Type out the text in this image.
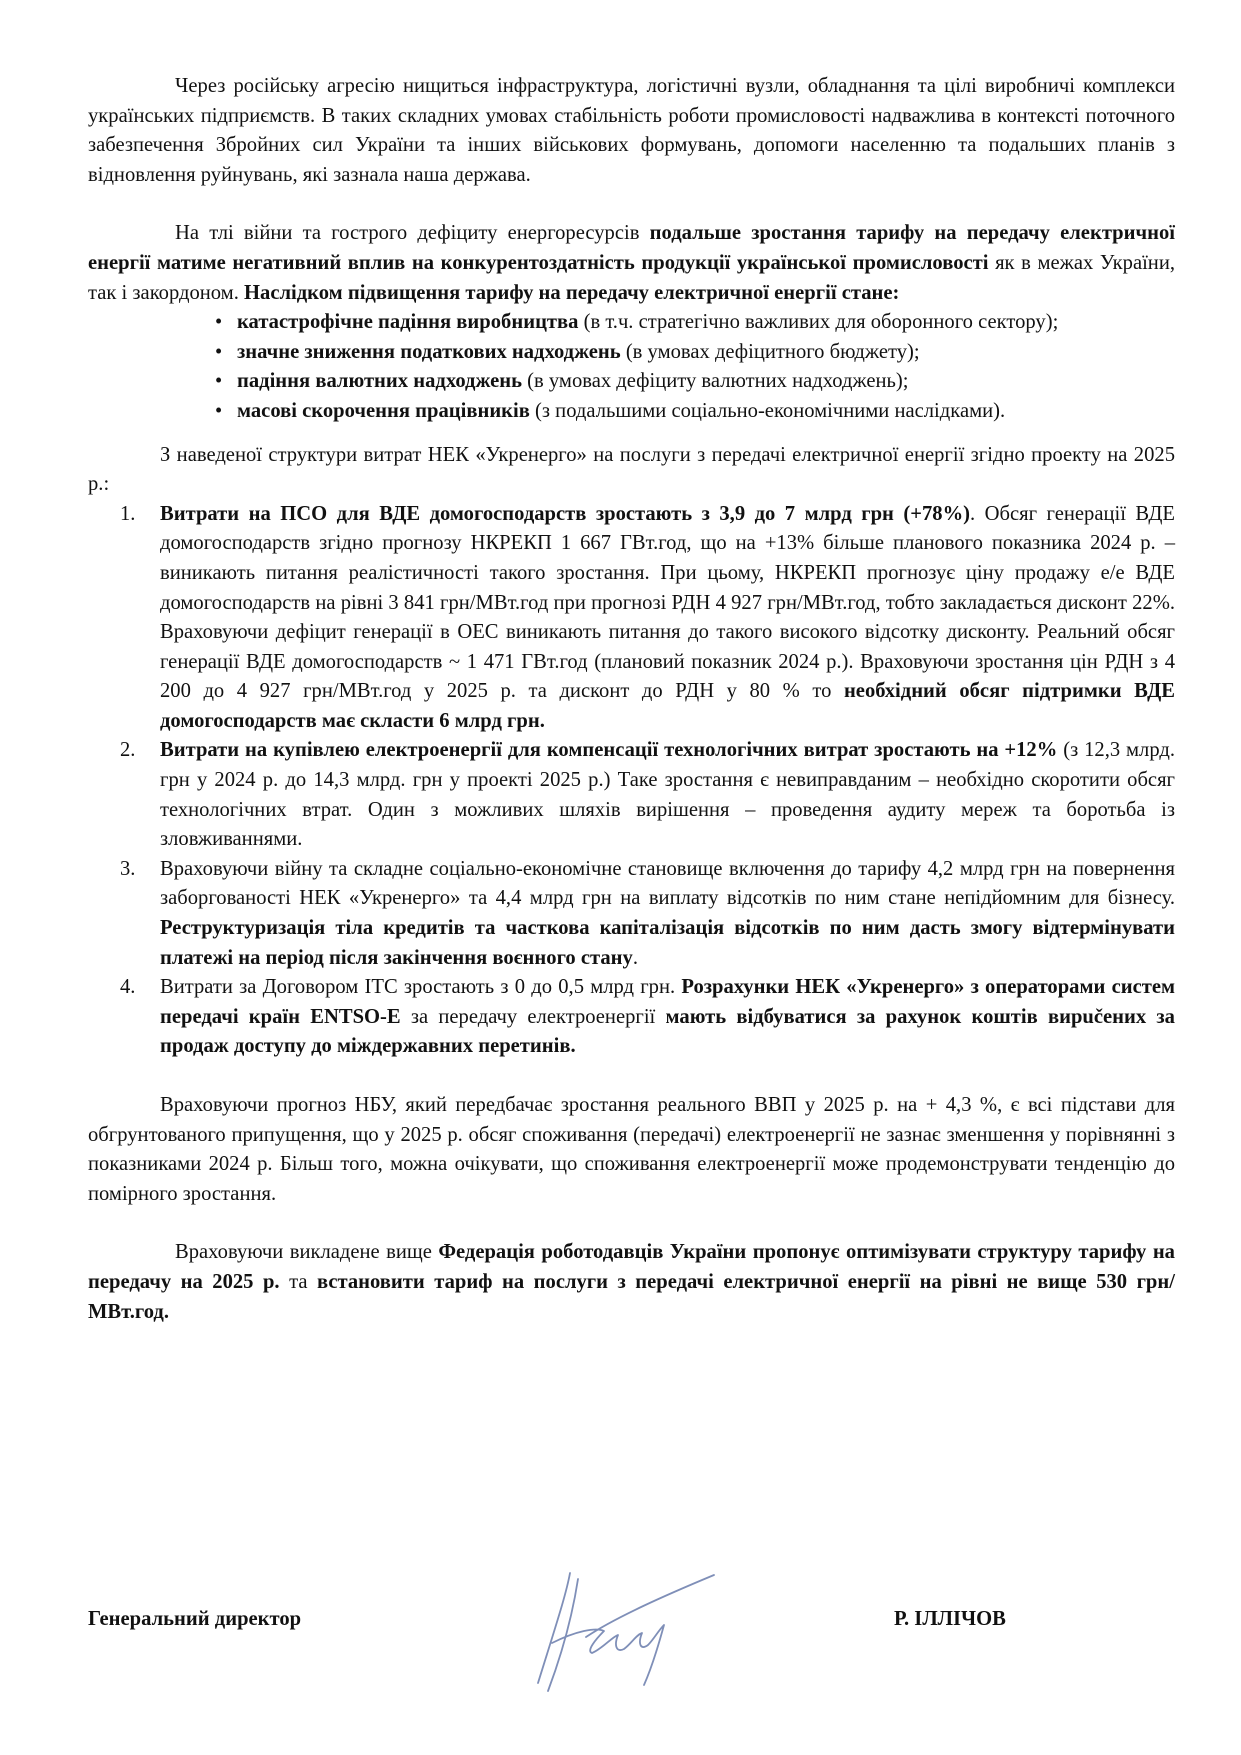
Через російську агресію нищиться інфраструктура, логістичні вузли, обладнання та цілі виробничі комплекси українських підприємств. В таких складних умовах стабільність роботи промисловості надважлива в контексті поточного забезпечення Збройних сил України та інших військових формувань, допомоги населенню та подальших планів з відновлення руйнувань, які зазнала наша держава.

На тлі війни та гострого дефіциту енергоресурсів подальше зростання тарифу на передачу електричної енергії матиме негативний вплив на конкурентоздатність продукції української промисловості як в межах України, так і закордоном. Наслідком підвищення тарифу на передачу електричної енергії стане:

• катастрофічне падіння виробництва (в т.ч. стратегічно важливих для оборонного сектору);
• значне зниження податкових надходжень (в умовах дефіцитного бюджету);
• падіння валютних надходжень (в умовах дефіциту валютних надходжень);
• масові скорочення працівників (з подальшими соціально-економічними наслідками).

З наведеної структури витрат НЕК «Укренерго» на послуги з передачі електричної енергії згідно проекту на 2025 р.:

1. Витрати на ПСО для ВДЕ домогосподарств зростають з 3,9 до 7 млрд грн (+78%). Обсяг генерації ВДЕ домогосподарств згідно прогнозу НКРЕКП 1 667 ГВт.год, що на +13% більше планового показника 2024 р. – виникають питання реалістичності такого зростання. При цьому, НКРЕКП прогнозує ціну продажу е/е ВДЕ домогосподарств на рівні 3 841 грн/МВт.год при прогнозі РДН 4 927 грн/МВт.год, тобто закладається дисконт 22%. Враховуючи дефіцит генерації в ОЕС виникають питання до такого високого відсотку дисконту. Реальний обсяг генерації ВДЕ домогосподарств ~ 1 471 ГВт.год (плановий показник 2024 р.). Враховуючи зростання цін РДН з 4 200 до 4 927 грн/МВт.год у 2025 р. та дисконт до РДН у 80 % то необхідний обсяг підтримки ВДЕ домогосподарств має скласти 6 млрд грн.
2. Витрати на купівлею електроенергії для компенсації технологічних витрат зростають на +12% (з 12,3 млрд. грн у 2024 р. до 14,3 млрд. грн у проекті 2025 р.) Таке зростання є невиправданим – необхідно скоротити обсяг технологічних втрат. Один з можливих шляхів вирішення – проведення аудиту мереж та боротьба із зловживаннями.
3. Враховуючи війну та складне соціально-економічне становище включення до тарифу 4,2 млрд грн на повернення заборгованості НЕК «Укренерго» та 4,4 млрд грн на виплату відсотків по ним стане непідйомним для бізнесу. Реструктуризація тіла кредитів та часткова капіталізація відсотків по ним дасть змогу відтермінувати платежі на період після закінчення воєнного стану.
4. Витрати за Договором ІТС зростають з 0 до 0,5 млрд грн. Розрахунки НЕК «Укренерго» з операторами систем передачі країн ENTSO-E за передачу електроенергії мають відбуватися за рахунок коштів вирučених за продаж доступу до міждержавних перетинів.

Враховуючи прогноз НБУ, який передбачає зростання реального ВВП у 2025 р. на + 4,3 %, є всі підстави для обгрунтованого припущення, що у 2025 р. обсяг споживання (передачі) електроенергії не зазнає зменшення у порівнянні з показниками 2024 р. Більш того, можна очікувати, що споживання електроенергії може продемонструвати тенденцію до помірного зростання.

Враховуючи викладене вище Федерація роботодавців України пропонує оптимізувати структуру тарифу на передачу на 2025 р. та встановити тариф на послуги з передачі електричної енергії на рівні не вище 530 грн/МВт.год.

Генеральний директор	Р. ІЛЛІЧОВ
